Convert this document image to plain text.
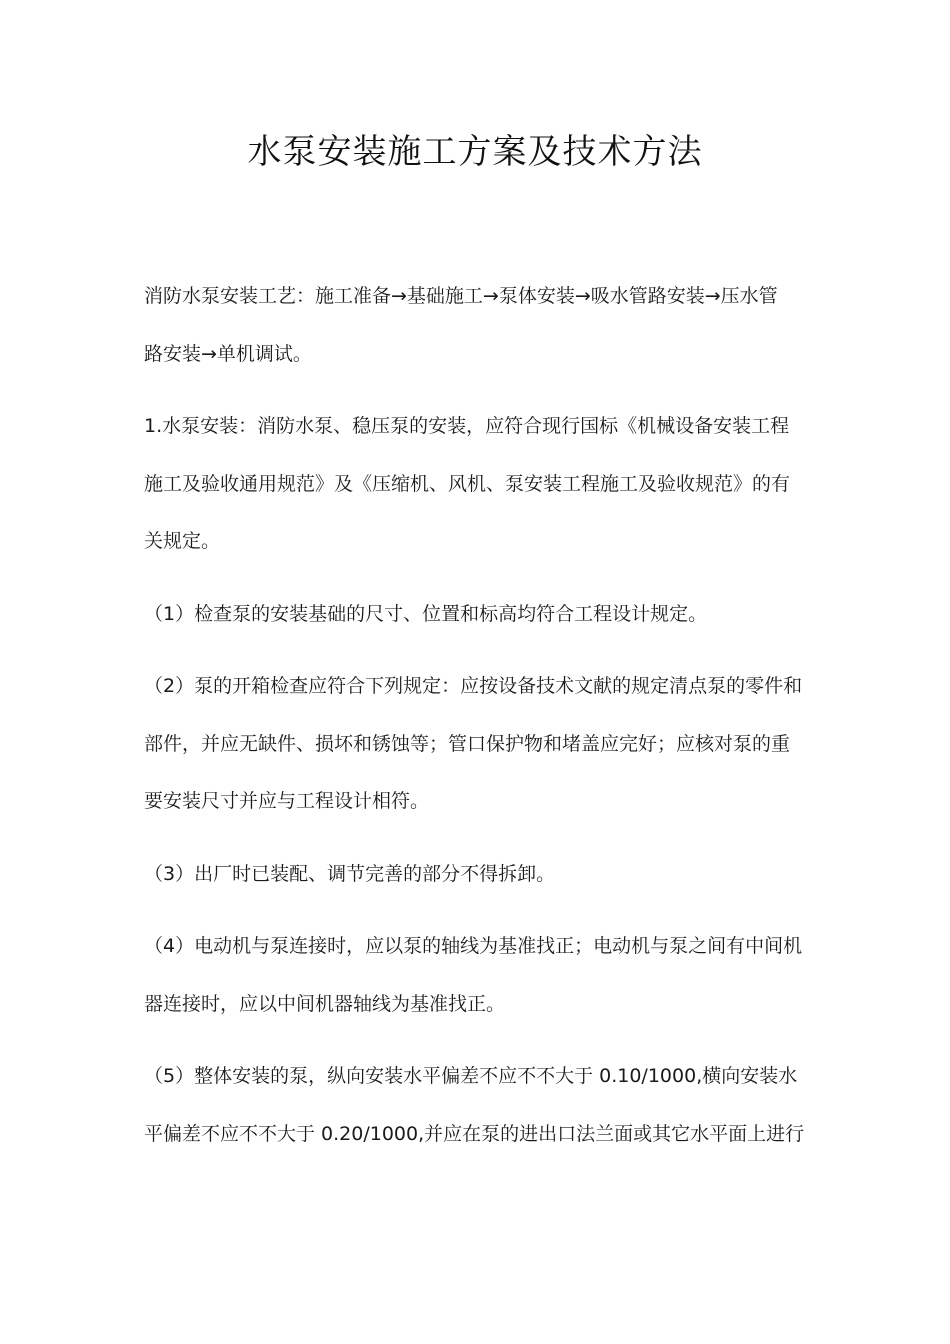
水泵安装施工方案及技术方法

消防水泵安装工艺：施工准备→基础施工→泵体安装→吸水管路安装→压水管
路安装→单机调试。

1.水泵安装：消防水泵、稳压泵的安装，应符合现行国标《机械设备安装工程
施工及验收通用规范》及《压缩机、风机、泵安装工程施工及验收规范》的有
关规定。

（1）检查泵的安装基础的尺寸、位置和标高均符合工程设计规定。

（2）泵的开箱检查应符合下列规定：应按设备技术文献的规定清点泵的零件和
部件，并应无缺件、损坏和锈蚀等；管口保护物和堵盖应完好；应核对泵的重
要安装尺寸并应与工程设计相符。

（3）出厂时已装配、调节完善的部分不得拆卸。

（4）电动机与泵连接时，应以泵的轴线为基准找正；电动机与泵之间有中间机
器连接时，应以中间机器轴线为基准找正。

（5）整体安装的泵，纵向安装水平偏差不应不不大于 0.10/1000,横向安装水
平偏差不应不不大于 0.20/1000,并应在泵的进出口法兰面或其它水平面上进行
